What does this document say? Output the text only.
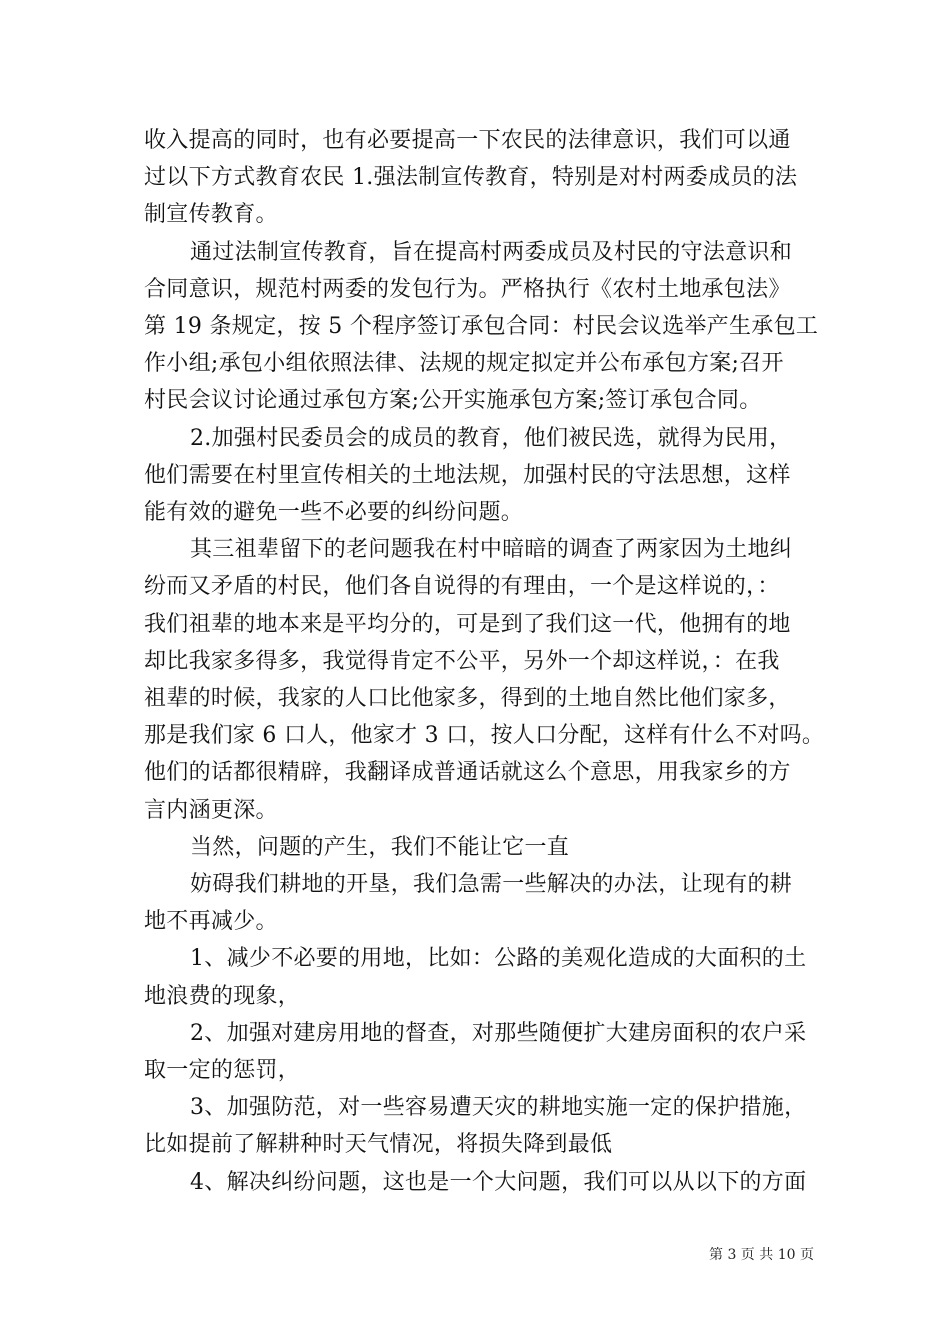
收入提高的同时，也有必要提高一下农民的法律意识，我们可以通
过以下方式教育农民 1.强法制宣传教育，特别是对村两委成员的法
制宣传教育。
通过法制宣传教育，旨在提高村两委成员及村民的守法意识和
合同意识，规范村两委的发包行为。严格执行《农村土地承包法》
第 19 条规定，按 5 个程序签订承包合同：村民会议选举产生承包工
作小组;承包小组依照法律、法规的规定拟定并公布承包方案;召开
村民会议讨论通过承包方案;公开实施承包方案;签订承包合同。
2.加强村民委员会的成员的教育，他们被民选，就得为民用，
他们需要在村里宣传相关的土地法规，加强村民的守法思想，这样
能有效的避免一些不必要的纠纷问题。
其三祖辈留下的老问题我在村中暗暗的调查了两家因为土地纠
纷而又矛盾的村民，他们各自说得的有理由，一个是这样说的，：
我们祖辈的地本来是平均分的，可是到了我们这一代，他拥有的地
却比我家多得多，我觉得肯定不公平，另外一个却这样说，：在我
祖辈的时候，我家的人口比他家多，得到的土地自然比他们家多，
那是我们家 6 口人，他家才 3 口，按人口分配，这样有什么不对吗。
他们的话都很精辟，我翻译成普通话就这么个意思，用我家乡的方
言内涵更深。
当然，问题的产生，我们不能让它一直
妨碍我们耕地的开垦，我们急需一些解决的办法，让现有的耕
地不再减少。
1、减少不必要的用地，比如：公路的美观化造成的大面积的土
地浪费的现象，
2、加强对建房用地的督查，对那些随便扩大建房面积的农户采
取一定的惩罚，
3、加强防范，对一些容易遭天灾的耕地实施一定的保护措施，
比如提前了解耕种时天气情况，将损失降到最低
4、解决纠纷问题，这也是一个大问题，我们可以从以下的方面
第 3 页 共 10 页
